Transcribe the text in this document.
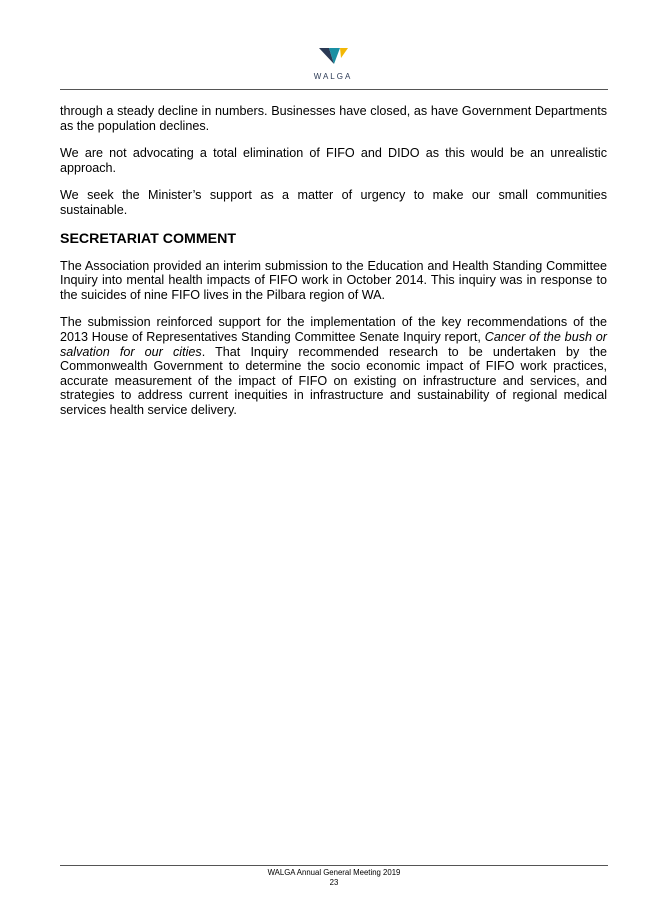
WALGA

through a steady decline in numbers. Businesses have closed, as have Government Departments as the population declines.

We are not advocating a total elimination of FIFO and DIDO as this would be an unrealistic approach.

We seek the Minister’s support as a matter of urgency to make our small communities sustainable.

SECRETARIAT COMMENT

The Association provided an interim submission to the Education and Health Standing Committee Inquiry into mental health impacts of FIFO work in October 2014. This inquiry was in response to the suicides of nine FIFO lives in the Pilbara region of WA.

The submission reinforced support for the implementation of the key recommendations of the 2013 House of Representatives Standing Committee Senate Inquiry report, Cancer of the bush or salvation for our cities. That Inquiry recommended research to be undertaken by the Commonwealth Government to determine the socio economic impact of FIFO work practices, accurate measurement of the impact of FIFO on existing on infrastructure and services, and strategies to address current inequities in infrastructure and sustainability of regional medical services health service delivery.

WALGA Annual General Meeting 2019
23
